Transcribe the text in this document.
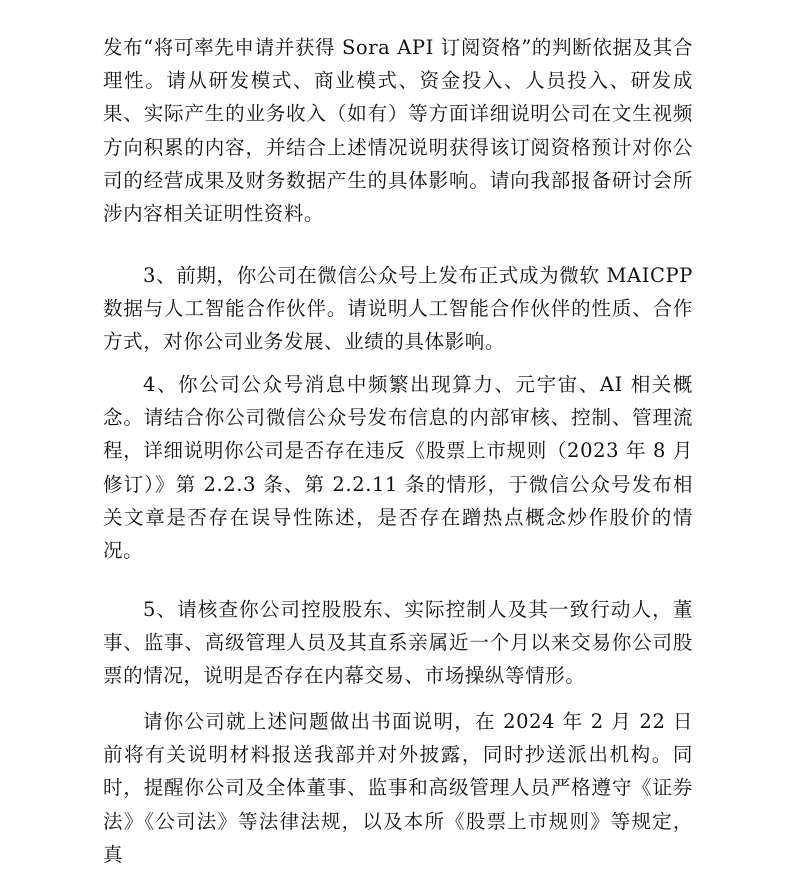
发布“将可率先申请并获得 Sora API 订阅资格”的判断依据及其合理性。请从研发模式、商业模式、资金投入、人员投入、研发成果、实际产生的业务收入（如有）等方面详细说明公司在文生视频方向积累的内容，并结合上述情况说明获得该订阅资格预计对你公司的经营成果及财务数据产生的具体影响。请向我部报备研讨会所涉内容相关证明性资料。

3、前期，你公司在微信公众号上发布正式成为微软 MAICPP 数据与人工智能合作伙伴。请说明人工智能合作伙伴的性质、合作方式，对你公司业务发展、业绩的具体影响。

4、你公司公众号消息中频繁出现算力、元宇宙、AI 相关概念。请结合你公司微信公众号发布信息的内部审核、控制、管理流程，详细说明你公司是否存在违反《股票上市规则（2023 年 8 月修订）》第 2.2.3 条、第 2.2.11 条的情形，于微信公众号发布相关文章是否存在误导性陈述，是否存在蹭热点概念炒作股价的情况。

5、请核查你公司控股股东、实际控制人及其一致行动人，董事、监事、高级管理人员及其直系亲属近一个月以来交易你公司股票的情况，说明是否存在内幕交易、市场操纵等情形。

请你公司就上述问题做出书面说明，在 2024 年 2 月 22 日前将有关说明材料报送我部并对外披露，同时抄送派出机构。同时，提醒你公司及全体董事、监事和高级管理人员严格遵守《证券法》《公司法》等法律法规，以及本所《股票上市规则》等规定，真
